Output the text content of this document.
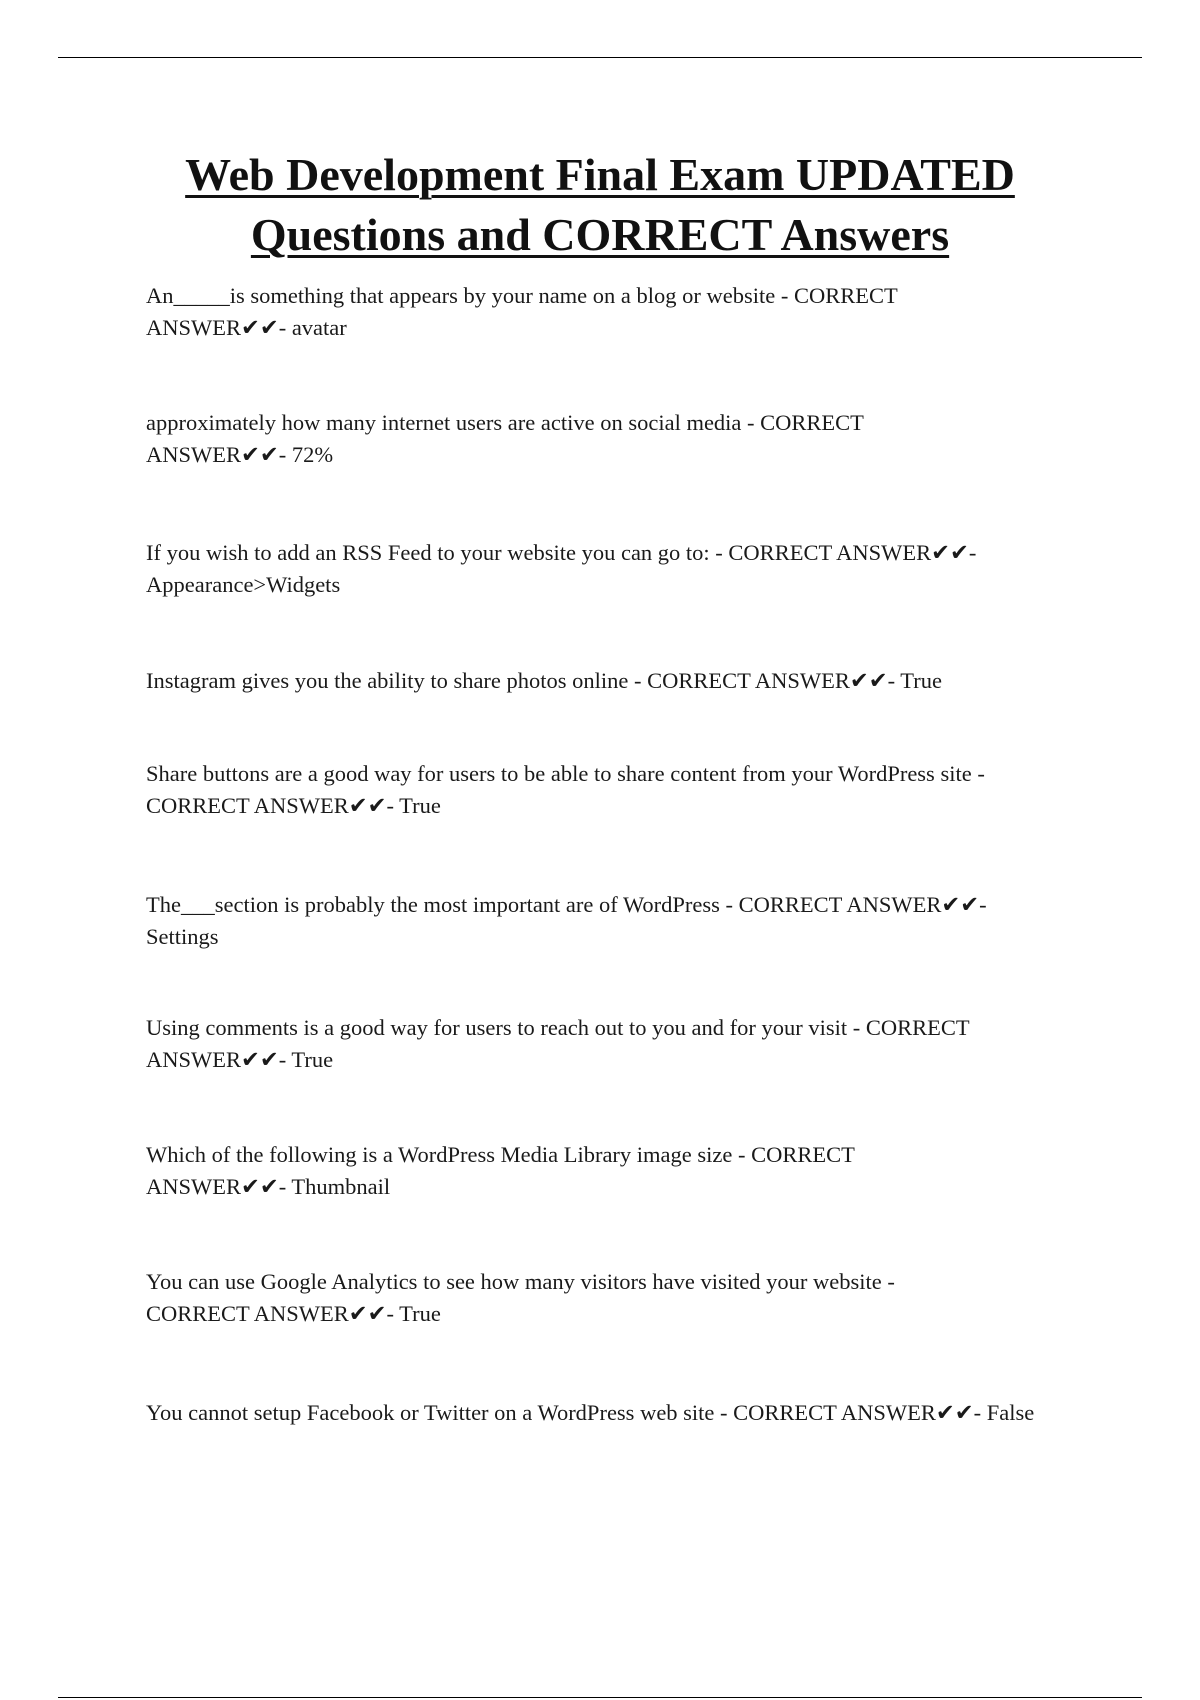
Web Development Final Exam UPDATED
Questions and CORRECT Answers

An_____is something that appears by your name on a blog or website - CORRECT ANSWER✔✔- avatar

approximately how many internet users are active on social media - CORRECT ANSWER✔✔- 72%

If you wish to add an RSS Feed to your website you can go to: - CORRECT ANSWER✔✔- Appearance>Widgets

Instagram gives you the ability to share photos online - CORRECT ANSWER✔✔- True

Share buttons are a good way for users to be able to share content from your WordPress site - CORRECT ANSWER✔✔- True

The___section is probably the most important are of WordPress - CORRECT ANSWER✔✔- Settings

Using comments is a good way for users to reach out to you and for your visit - CORRECT ANSWER✔✔- True

Which of the following is a WordPress Media Library image size - CORRECT ANSWER✔✔- Thumbnail

You can use Google Analytics to see how many visitors have visited your website - CORRECT ANSWER✔✔- True

You cannot setup Facebook or Twitter on a WordPress web site - CORRECT ANSWER✔✔- False
